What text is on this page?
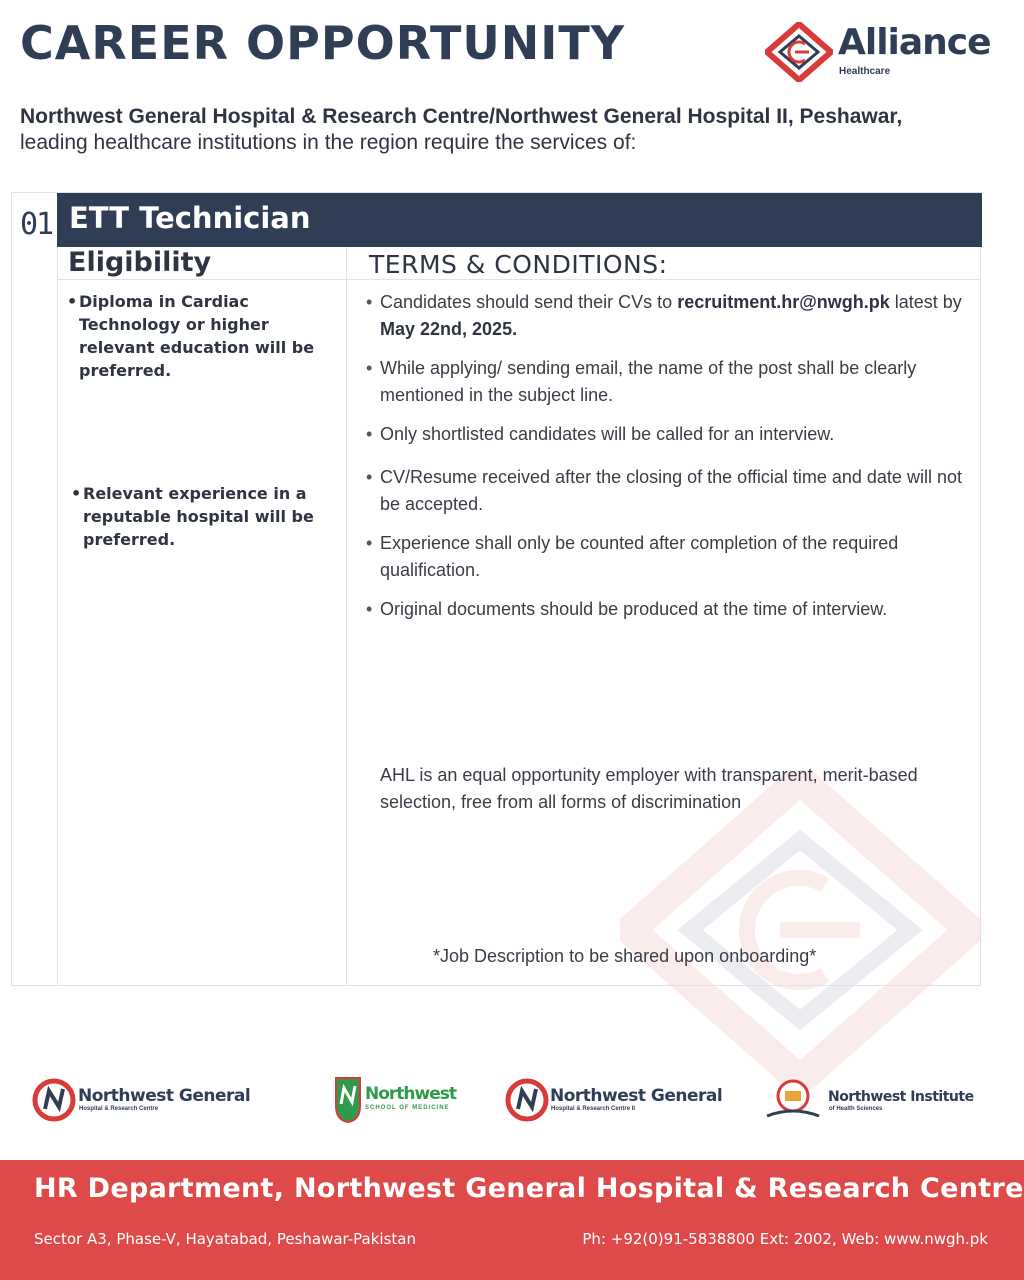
CAREER OPPORTUNITY	Alliance
Healthcare

Northwest General Hospital & Research Centre/Northwest General Hospital II, Peshawar,
leading healthcare institutions in the region require the services of:

01 ETT Technician
Eligibility	TERMS & CONDITIONS:
• Diploma in Cardiac Technology or higher relevant education will be preferred.
• Relevant experience in a reputable hospital will be preferred.
• Candidates should send their CVs to recruitment.hr@nwgh.pk latest by
May 22nd, 2025.
• While applying/ sending email, the name of the post shall be clearly mentioned in the subject line.
• Only shortlisted candidates will be called for an interview.
• CV/Resume received after the closing of the official time and date will not be accepted.
• Experience shall only be counted after completion of the required qualification.
• Original documents should be produced at the time of interview.
AHL is an equal opportunity employer with transparent, merit-based selection, free from all forms of discrimination
*Job Description to be shared upon onboarding*
Northwest General
Hospital & Research Centre
Northwest
SCHOOL OF MEDICINE
Northwest General
Hospital & Research Centre II
Northwest Institute
of Health Sciences
HR Department, Northwest General Hospital & Research Centre
Sector A3, Phase-V, Hayatabad, Peshawar-Pakistan	Ph: +92(0)91-5838800 Ext: 2002, Web: www.nwgh.pk
